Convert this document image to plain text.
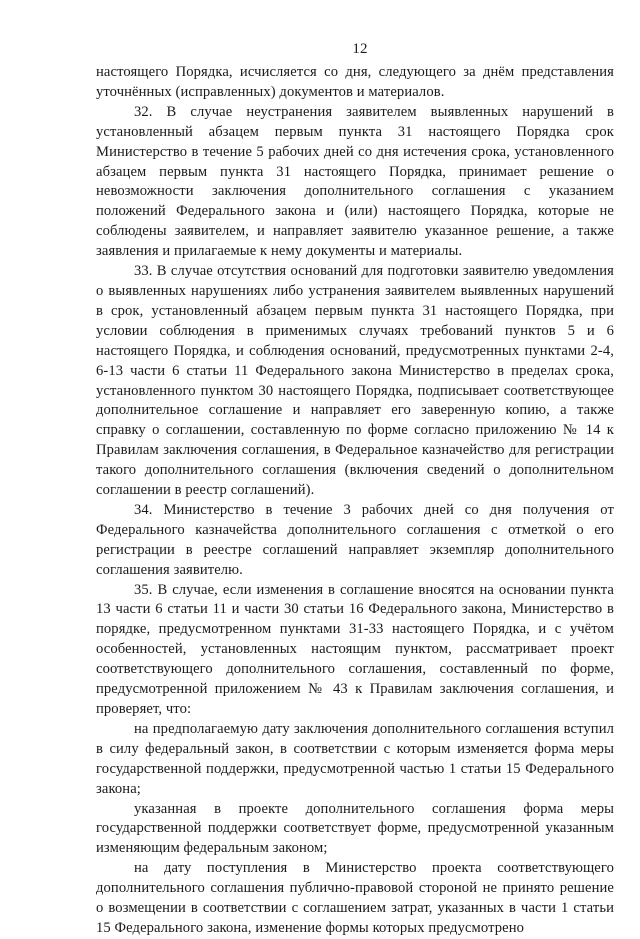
12

настоящего Порядка, исчисляется со дня, следующего за днём представления уточнённых (исправленных) документов и материалов.

32. В случае неустранения заявителем выявленных нарушений в установленный абзацем первым пункта 31 настоящего Порядка срок Министерство в течение 5 рабочих дней со дня истечения срока, установленного абзацем первым пункта 31 настоящего Порядка, принимает решение о невозможности заключения дополнительного соглашения с указанием положений Федерального закона и (или) настоящего Порядка, которые не соблюдены заявителем, и направляет заявителю указанное решение, а также заявления и прилагаемые к нему документы и материалы.

33. В случае отсутствия оснований для подготовки заявителю уведомления о выявленных нарушениях либо устранения заявителем выявленных нарушений в срок, установленный абзацем первым пункта 31 настоящего Порядка, при условии соблюдения в применимых случаях требований пунктов 5 и 6 настоящего Порядка, и соблюдения оснований, предусмотренных пунктами 2-4, 6-13 части 6 статьи 11 Федерального закона Министерство в пределах срока, установленного пунктом 30 настоящего Порядка, подписывает соответствующее дополнительное соглашение и направляет его заверенную копию, а также справку о соглашении, составленную по форме согласно приложению № 14 к Правилам заключения соглашения, в Федеральное казначейство для регистрации такого дополнительного соглашения (включения сведений о дополнительном соглашении в реестр соглашений).

34. Министерство в течение 3 рабочих дней со дня получения от Федерального казначейства дополнительного соглашения с отметкой о его регистрации в реестре соглашений направляет экземпляр дополнительного соглашения заявителю.

35. В случае, если изменения в соглашение вносятся на основании пункта 13 части 6 статьи 11 и части 30 статьи 16 Федерального закона, Министерство в порядке, предусмотренном пунктами 31-33 настоящего Порядка, и с учётом особенностей, установленных настоящим пунктом, рассматривает проект соответствующего дополнительного соглашения, составленный по форме, предусмотренной приложением № 43 к Правилам заключения соглашения, и проверяет, что:

на предполагаемую дату заключения дополнительного соглашения вступил в силу федеральный закон, в соответствии с которым изменяется форма меры государственной поддержки, предусмотренной частью 1 статьи 15 Федерального закона;

указанная в проекте дополнительного соглашения форма меры государственной поддержки соответствует форме, предусмотренной указанным изменяющим федеральным законом;

на дату поступления в Министерство проекта соответствующего дополнительного соглашения публично-правовой стороной не принято решение о возмещении в соответствии с соглашением затрат, указанных в части 1 статьи 15 Федерального закона, изменение формы которых предусмотрено
